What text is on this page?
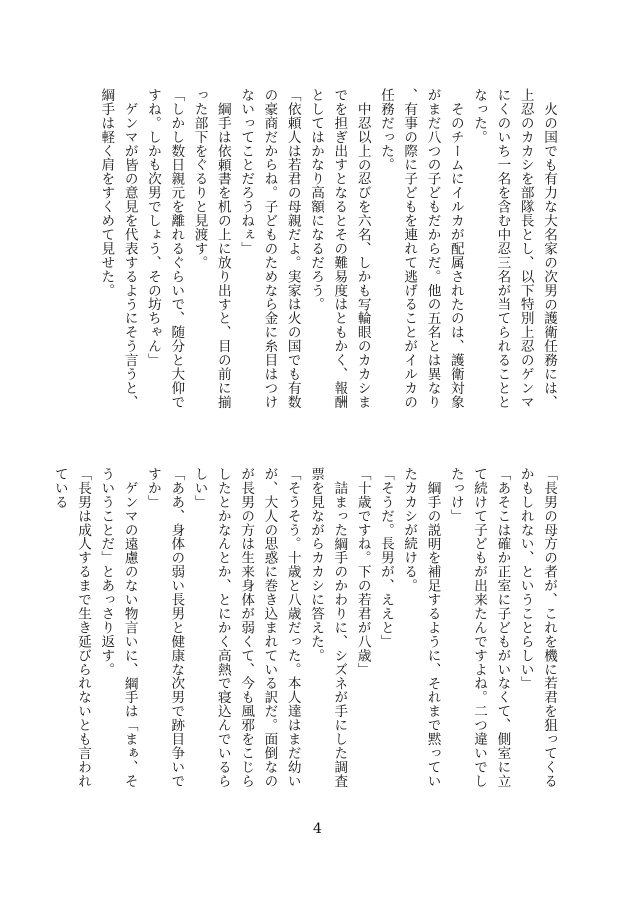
火の国でも有力な大名家の次男の護衛任務には、上忍のカカシを部隊長とし、以下特別上忍のゲンマにくのいち一名を含む中忍三名が当てられることとなった。

そのチームにイルカが配属されたのは、護衛対象がまだ八つの子どもだからだ。他の五名とは異なり、有事の際に子どもを連れて逃げることがイルカの任務だった。

中忍以上の忍びを六名、しかも写輪眼のカカシまでを担ぎ出すとなるとその難易度はともかく、報酬としてはかなり高額になるだろう。

「依頼人は若君の母親だよ。実家は火の国でも有数の豪商だからね。子どものためなら金に糸目はつけないってことだろうねぇ」

綱手は依頼書を机の上に放り出すと、目の前に揃った部下をぐるりと見渡す。

「しかし数日親元を離れるぐらいで、随分と大仰ですね。しかも次男でしょう、その坊ちゃん」

ゲンマが皆の意見を代表するようにそう言うと、綱手は軽く肩をすくめて見せた。

「長男の母方の者が、これを機に若君を狙ってくるかもしれない、ということらしい」

「あそこは確か正室に子どもがいなくて、側室に立て続けて子どもが出来たんですよね。二つ違いでしたっけ」

綱手の説明を補足するように、それまで黙っていたカカシが続ける。

「そうだ。長男が、ええと」

「十歳ですね。下の若君が八歳」

詰まった綱手のかわりに、シズネが手にした調査票を見ながらカカシに答えた。

「そうそう。十歳と八歳だった。本人達はまだ幼いが、大人の思惑に巻き込まれている訳だ。面倒なのが長男の方は生来身体が弱くて、今も風邪をこじらしたとかなんとか、とにかく高熱で寝込んでいるらしい」

「ああ、身体の弱い長男と健康な次男で跡目争いですか」

ゲンマの遠慮のない物言いに、綱手は「まぁ、そういうことだ」とあっさり返す。

「長男は成人するまで生き延びられないとも言われている

4
